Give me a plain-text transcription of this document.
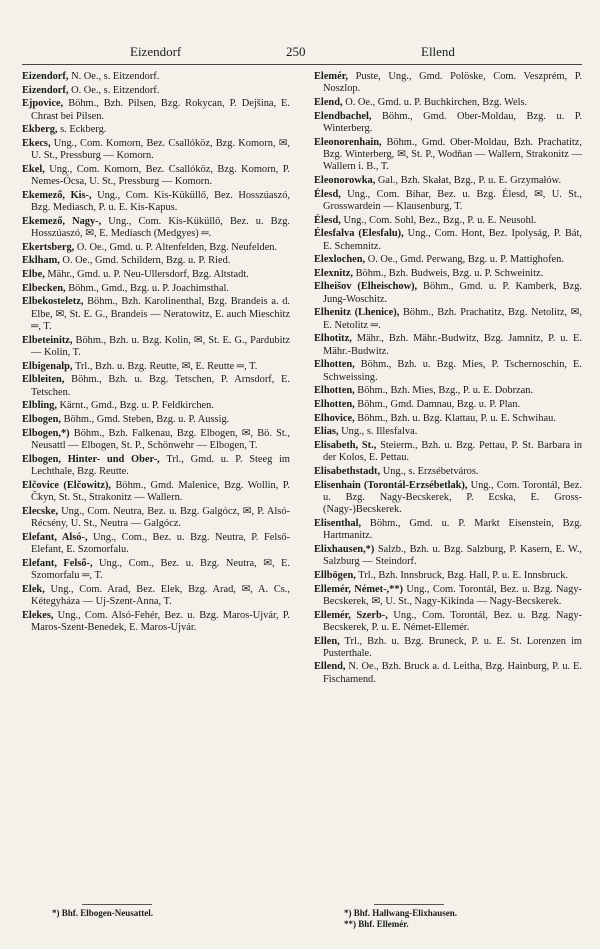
Eizendorf	250	Ellend
Eizendorf, N. Oe., s. Eitzendorf.
Eizendorf, O. Oe., s. Eitzendorf.
Ejpovice, Böhm., Bzh. Pilsen, Bzg. Rokycan, P. Dejšina, E. Chrast bei Pilsen.
Ekberg, s. Eckberg.
Ekecs, Ung., Com. Komorn, Bez. Csallóköz, Bzg. Komorn, ✉, U. St., Pressburg — Komorn.
Ekel, Ung., Com. Komorn, Bez. Csallóköz, Bzg. Komorn, P. Nemes-Ócsa, U. St., Pressburg — Komorn.
Ekemező, Kis-, Ung., Com. Kis-Küküllő, Bez. Hosszúaszó, Bzg. Mediasch, P. u. E. Kis-Kapus.
Ekemező, Nagy-, Ung., Com. Kis-Küküllő, Bez. u. Bzg. Hosszúaszó, ✉, E. Mediasch (Medgyes) ═.
Ekertsberg, O. Oe., Gmd. u. P. Altenfelden, Bzg. Neufelden.
Eklham, O. Oe., Gmd. Schildern, Bzg. u. P. Ried.
Elbe, Mähr., Gmd. u. P. Neu-Ullersdorf, Bzg. Altstadt.
Elbecken, Böhm., Gmd., Bzg. u. P. Joachimsthal.
Elbekosteletz, Böhm., Bzh. Karolinenthal, Bzg. Brandeis a. d. Elbe, ✉, St. E. G., Brandeis — Neratowitz, E. auch Mieschitz ═, T.
Elbeteinitz, Böhm., Bzh. u. Bzg. Kolin, ✉, St. E. G., Pardubitz — Kolin, T.
Elbigenalp, Trl., Bzh. u. Bzg. Reutte, ✉, E. Reutte ═, T.
Elbleiten, Böhm., Bzh. u. Bzg. Tetschen, P. Arnsdorf, E. Tetschen.
Elbling, Kärnt., Gmd., Bzg. u. P. Feldkirchen.
Elbogen, Böhm., Gmd. Steben, Bzg. u. P. Aussig.
Elbogen,*) Böhm., Bzh. Falkenau, Bzg. Elbogen, ✉, Bö. St., Neusattl — Elbogen, St. P., Schönwehr — Elbogen, T.
Elbogen, Hinter- und Ober-, Trl., Gmd. u. P. Steeg im Lechthale, Bzg. Reutte.
Elčovice (Elčowitz), Böhm., Gmd. Malenice, Bzg. Wollin, P. Čkyn, St. St., Strakonitz — Wallern.
Elecske, Ung., Com. Neutra, Bez. u. Bzg. Galgócz, ✉, P. Alsó-Récsény, U. St., Neutra — Galgócz.
Elefant, Alsó-, Ung., Com., Bez. u. Bzg. Neutra, P. Felső-Elefant, E. Szomorfalu.
Elefant, Felső-, Ung., Com., Bez. u. Bzg. Neutra, ✉, E. Szomorfalu ═, T.
Elek, Ung., Com. Arad, Bez. Elek, Bzg. Arad, ✉, A. Cs., Kétegyháza — Uj-Szent-Anna, T.
Elekes, Ung., Com. Alsó-Fehér, Bez. u. Bzg. Maros-Ujvár, P. Maros-Szent-Benedek, E. Maros-Ujvár.
Elemér, Puste, Ung., Gmd. Polöske, Com. Veszprém, P. Noszlop.
Elend, O. Oe., Gmd. u. P. Buchkirchen, Bzg. Wels.
Elendbachel, Böhm., Gmd. Ober-Moldau, Bzg. u. P. Winterberg.
Eleonorenhain, Böhm., Gmd. Ober-Moldau, Bzh. Prachatitz, Bzg. Winterberg, ✉, St. P., Wodňan — Wallern, Strakonitz — Wallern i. B., T.
Eleonorowka, Gal., Bzh. Skałat, Bzg., P. u. E. Grzymałów.
Élesd, Ung., Com. Bihar, Bez. u. Bzg. Élesd, ✉, U. St., Grosswardein — Klausenburg, T.
Élesd, Ung., Com. Sohl, Bez., Bzg., P. u. E. Neusohl.
Élesfalva (Elesfalu), Ung., Com. Hont, Bez. Ipolyság, P. Bát, E. Schemnitz.
Elexlochen, O. Oe., Gmd. Perwang, Bzg. u. P. Mattighofen.
Elexnitz, Böhm., Bzh. Budweis, Bzg. u. P. Schweinitz.
Elheišov (Elheischow), Böhm., Gmd. u. P. Kamberk, Bzg. Jung-Woschitz.
Elhenitz (Lhenice), Böhm., Bzh. Prachatitz, Bzg. Netolitz, ✉, E. Netolitz ═.
Elhotitz, Mähr., Bzh. Mähr.-Budwitz, Bzg. Jamnitz, P. u. E. Mähr.-Budwitz.
Elhotten, Böhm., Bzh. u. Bzg. Mies, P. Tschernoschin, E. Schweissing.
Elhotten, Böhm., Bzh. Mies, Bzg., P. u. E. Dobrzan.
Elhotten, Böhm., Gmd. Damnau, Bzg. u. P. Plan.
Elhovice, Böhm., Bzh. u. Bzg. Klattau, P. u. E. Schwihau.
Elias, Ung., s. Illesfalva.
Elisabeth, St., Steierm., Bzh. u. Bzg. Pettau, P. St. Barbara in der Kolos, E. Pettau.
Elisabethstadt, Ung., s. Erzsébetváros.
Elisenhain (Torontál-Erzsébetlak), Ung., Com. Torontál, Bez. u. Bzg. Nagy-Becskerek, P. Ecska, E. Gross-(Nagy-)Becskerek.
Elisenthal, Böhm., Gmd. u. P. Markt Eisenstein, Bzg. Hartmanitz.
Elixhausen,*) Salzb., Bzh. u. Bzg. Salzburg, P. Kasern, E. W., Salzburg — Steindorf.
Ellbögen, Trl., Bzh. Innsbruck, Bzg. Hall, P. u. E. Innsbruck.
Ellemér, Német-,**) Ung., Com. Torontál, Bez. u. Bzg. Nagy-Becskerek, ✉, U. St., Nagy-Kikinda — Nagy-Becskerek.
Ellemér, Szerb-, Ung., Com. Torontál, Bez. u. Bzg. Nagy-Becskerek, P. u. E. Német-Ellemér.
Ellen, Trl., Bzh. u. Bzg. Bruneck, P. u. E. St. Lorenzen im Pusterthale.
Ellend, N. Oe., Bzh. Bruck a. d. Leitha, Bzg. Hainburg, P. u. E. Fischamend.
*) Bhf. Elbogen-Neusattel.	*) Bhf. Hallwang-Elixhausen.
**) Bhf. Ellemér.
